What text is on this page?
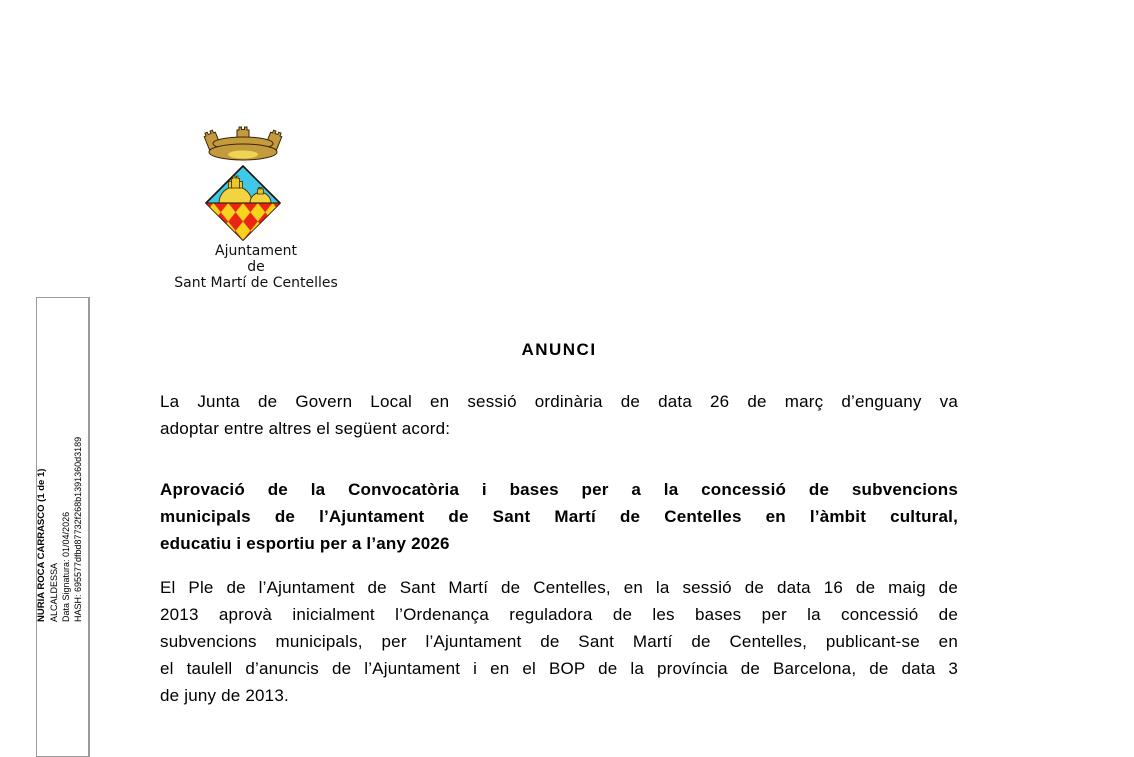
Ajuntament
de
Sant Martí de Centelles
NURIA ROCA CARRASCO (1 de 1) ALCALDESSA Data Signatura: 01/04/2026 HASH: 695577dfbd87732f268b1391360d3189
ANUNCI
La Junta de Govern Local en sessió ordinària de data 26 de març d’enguany va
adoptar entre altres el següent acord:
Aprovació de la Convocatòria i bases per a la concessió de subvencions
municipals de l’Ajuntament de Sant Martí de Centelles en l’àmbit cultural,
educatiu i esportiu per a l’any 2026
El Ple de l’Ajuntament de Sant Martí de Centelles, en la sessió de data 16 de maig de
2013 aprovà inicialment l’Ordenança reguladora de les bases per la concessió de
subvencions municipals, per l’Ajuntament de Sant Martí de Centelles, publicant-se en
el taulell d’anuncis de l’Ajuntament i en el BOP de la província de Barcelona, de data 3
de juny de 2013.
